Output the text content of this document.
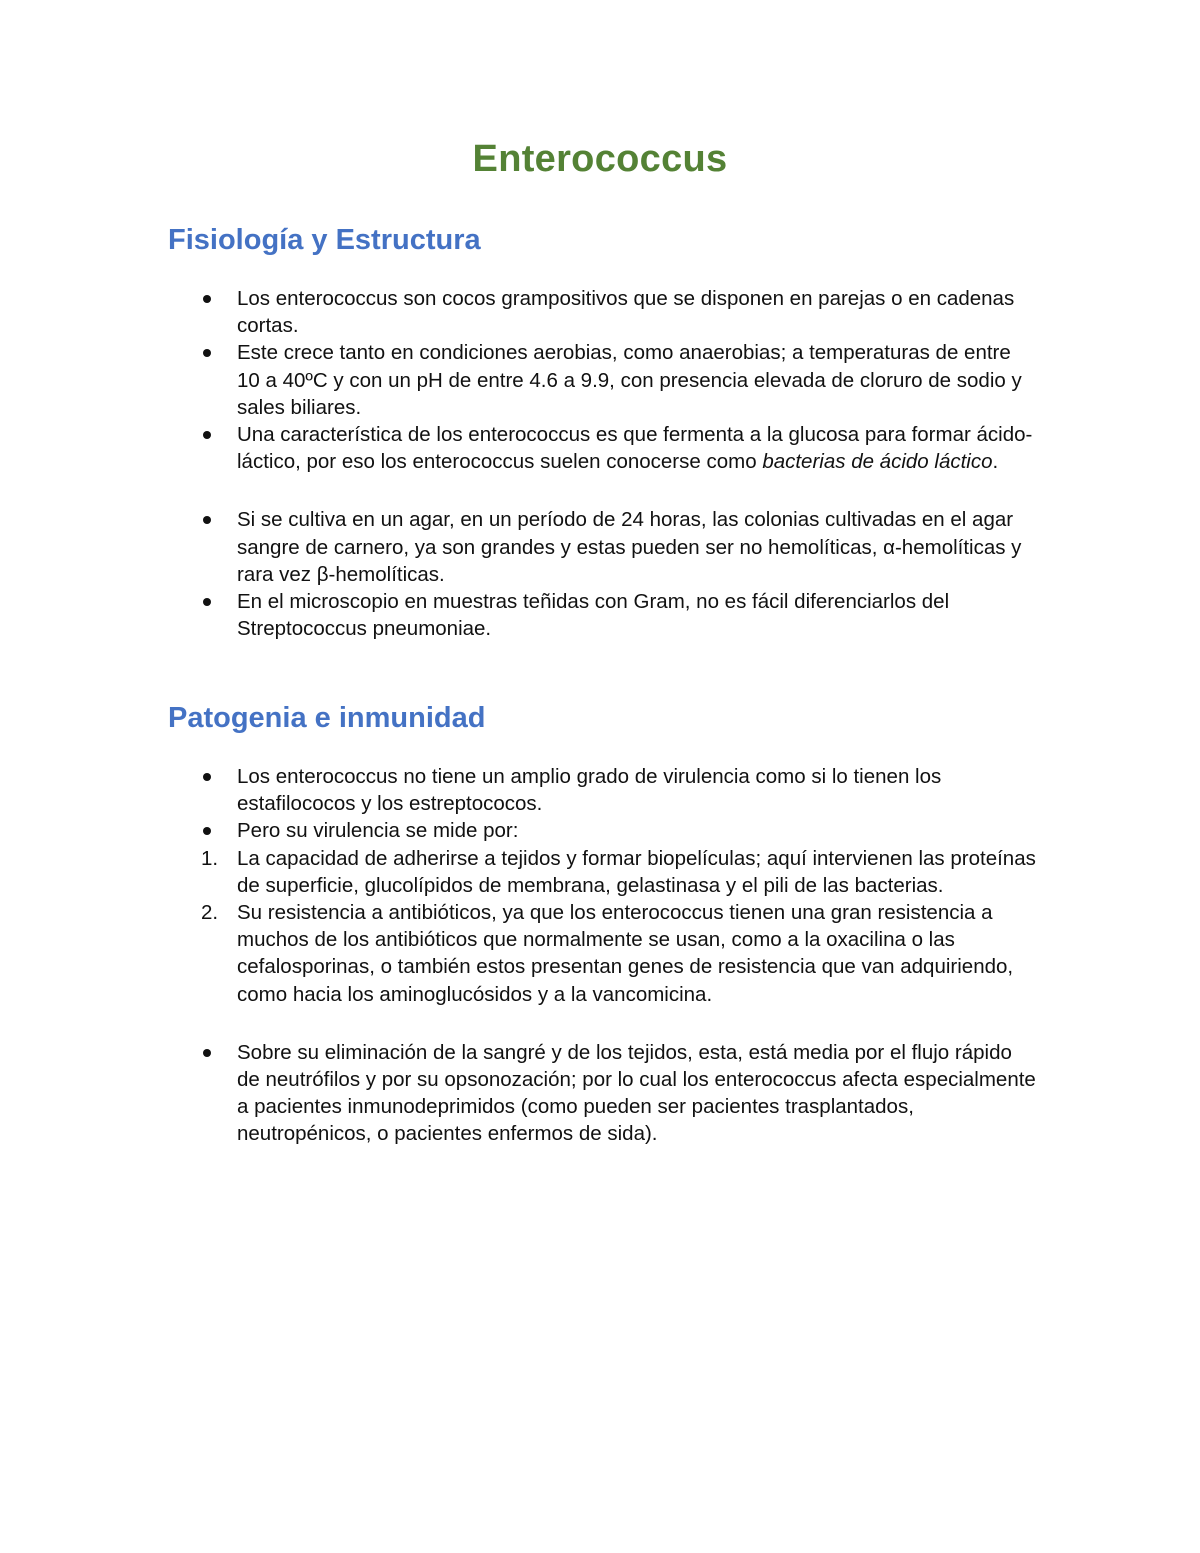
Enterococcus
Fisiología y Estructura
Los enterococcus son cocos grampositivos que se disponen en parejas o en cadenas cortas.
Este crece tanto en condiciones aerobias, como anaerobias; a temperaturas de entre 10 a 40ºC y con un pH de entre 4.6 a 9.9, con presencia elevada de cloruro de sodio y sales biliares.
Una característica de los enterococcus es que fermenta a la glucosa para formar ácido-láctico, por eso los enterococcus suelen conocerse como bacterias de ácido láctico.
Si se cultiva en un agar, en un período de 24 horas, las colonias cultivadas en el agar sangre de carnero, ya son grandes y estas pueden ser no hemolíticas, α-hemolíticas y rara vez β-hemolíticas.
En el microscopio en muestras teñidas con Gram, no es fácil diferenciarlos del Streptococcus pneumoniae.
Patogenia e inmunidad
Los enterococcus no tiene un amplio grado de virulencia como si lo tienen los estafilococos y los estreptococos.
Pero su virulencia se mide por:
1. La capacidad de adherirse a tejidos y formar biopelículas; aquí intervienen las proteínas de superficie, glucolípidos de membrana, gelastinasa y el pili de las bacterias.
2. Su resistencia a antibióticos, ya que los enterococcus tienen una gran resistencia a muchos de los antibióticos que normalmente se usan, como a la oxacilina o las cefalosporinas, o también estos presentan genes de resistencia que van adquiriendo, como hacia los aminoglucósidos y a la vancomicina.
Sobre su eliminación de la sangré y de los tejidos, esta, está media por el flujo rápido de neutrófilos y por su opsonozación; por lo cual los enterococcus afecta especialmente a pacientes inmunodeprimidos (como pueden ser pacientes trasplantados, neutropénicos, o pacientes enfermos de sida).
